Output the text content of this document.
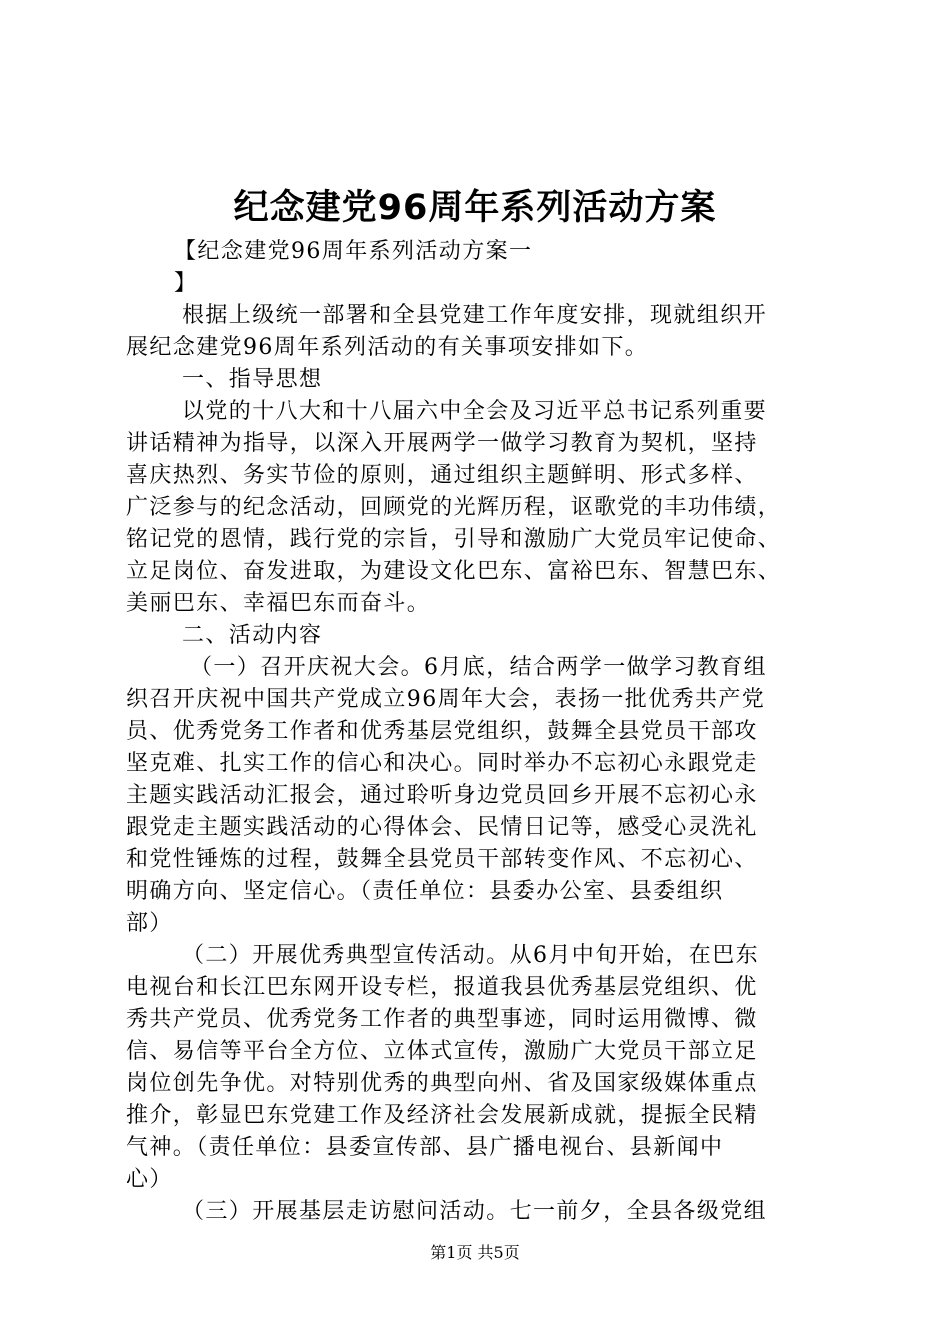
纪念建党96周年系列活动方案
【纪念建党96周年系列活动方案一
】
根据上级统一部署和全县党建工作年度安排，现就组织开
展纪念建党96周年系列活动的有关事项安排如下。
一、指导思想
以党的十八大和十八届六中全会及习近平总书记系列重要
讲话精神为指导，以深入开展两学一做学习教育为契机，坚持
喜庆热烈、务实节俭的原则，通过组织主题鲜明、形式多样、
广泛参与的纪念活动，回顾党的光辉历程，讴歌党的丰功伟绩，
铭记党的恩情，践行党的宗旨，引导和激励广大党员牢记使命、
立足岗位、奋发进取，为建设文化巴东、富裕巴东、智慧巴东、
美丽巴东、幸福巴东而奋斗。
二、活动内容
（一）召开庆祝大会。6月底，结合两学一做学习教育组
织召开庆祝中国共产党成立96周年大会，表扬一批优秀共产党
员、优秀党务工作者和优秀基层党组织，鼓舞全县党员干部攻
坚克难、扎实工作的信心和决心。同时举办不忘初心永跟党走
主题实践活动汇报会，通过聆听身边党员回乡开展不忘初心永
跟党走主题实践活动的心得体会、民情日记等，感受心灵洗礼
和党性锤炼的过程，鼓舞全县党员干部转变作风、不忘初心、
明确方向、坚定信心。（责任单位：县委办公室、县委组织
部）
（二）开展优秀典型宣传活动。从6月中旬开始，在巴东
电视台和长江巴东网开设专栏，报道我县优秀基层党组织、优
秀共产党员、优秀党务工作者的典型事迹，同时运用微博、微
信、易信等平台全方位、立体式宣传，激励广大党员干部立足
岗位创先争优。对特别优秀的典型向州、省及国家级媒体重点
推介，彰显巴东党建工作及经济社会发展新成就，提振全民精
气神。（责任单位：县委宣传部、县广播电视台、县新闻中
心）
（三）开展基层走访慰问活动。七一前夕，全县各级党组
第1页 共5页
